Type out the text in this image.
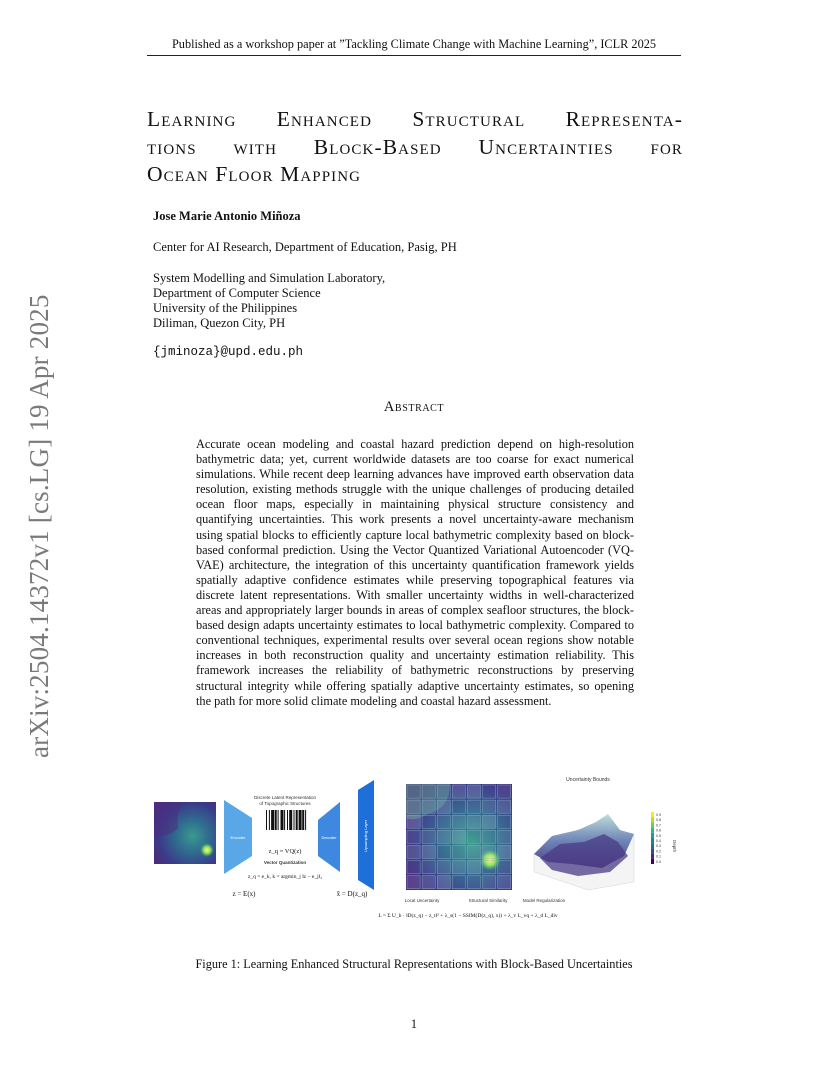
Published as a workshop paper at ”Tackling Climate Change with Machine Learning”, ICLR 2025
arXiv:2504.14372v1 [cs.LG] 19 Apr 2025
Learning Enhanced Structural Representa-
tions with Block-Based Uncertainties for
Ocean Floor Mapping
Jose Marie Antonio Miñoza
Center for AI Research, Department of Education, Pasig, PH
System Modelling and Simulation Laboratory,
Department of Computer Science
University of the Philippines
Diliman, Quezon City, PH
{jminoza}@upd.edu.ph
Abstract
Accurate ocean modeling and coastal hazard prediction depend on high-resolution bathymetric data; yet, current worldwide datasets are too coarse for exact numerical simulations. While recent deep learning advances have improved earth observation data resolution, existing methods struggle with the unique challenges of producing detailed ocean floor maps, especially in maintaining physical structure consistency and quantifying uncertainties. This work presents a novel uncertainty-aware mechanism using spatial blocks to efficiently capture local bathymetric complexity based on block-based conformal prediction. Using the Vector Quantized Variational Autoencoder (VQ-VAE) architecture, the integration of this uncertainty quantification framework yields spatially adaptive confidence estimates while preserving topographical features via discrete latent representations. With smaller uncertainty widths in well-characterized areas and appropriately larger bounds in areas of complex seafloor structures, the block-based design adapts uncertainty estimates to local bathymetric complexity. Compared to conventional techniques, experimental results over several ocean regions show notable increases in both reconstruction quality and uncertainty estimation reliability. This framework increases the reliability of bathymetric reconstructions by preserving structural integrity while offering spatially adaptive uncertainty estimates, so opening the path for more solid climate modeling and coastal hazard assessment.
Encoder
Discrete Latent Representation
of Topographic Structures
z_q = VQ(z)
Vector Quantization
z_q = e_k, k = argmin_j ‖z − e_j‖₂
Decoder	Upsampling Layer
z = E(x)	x̂ = D(z_q)
Uncertainty Bounds
0.9
0.8
0.7
0.6
0.5
0.4
0.3
0.2
0.1
0.0
Depth
Local Uncertainty	Structural Similarity	Model Regularization
L = Σ U_b · ‖D(z_q) − z_t‖² + λ_s(1 − SSIM(D(z_q), x)) + λ_v L_vq + λ_d L_div
Figure 1: Learning Enhanced Structural Representations with Block-Based Uncertainties
1
